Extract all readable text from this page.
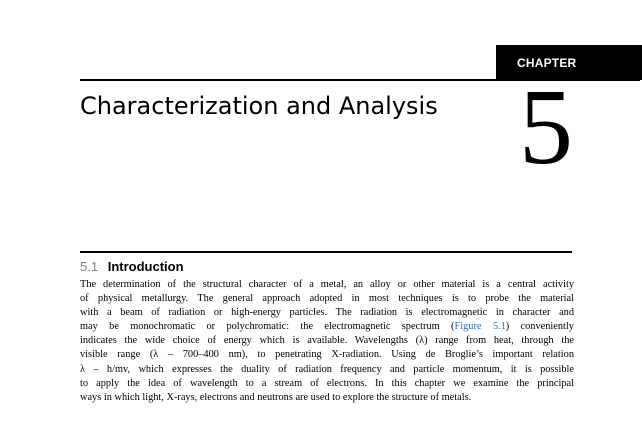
CHAPTER
Characterization and Analysis 5
5.1 Introduction
The determination of the structural character of a metal, an alloy or other material is a central activity
of physical metallurgy. The general approach adopted in most techniques is to probe the material
with a beam of radiation or high-energy particles. The radiation is electromagnetic in character and
may be monochromatic or polychromatic: the electromagnetic spectrum (Figure 5.1) conveniently
indicates the wide choice of energy which is available. Wavelengths (λ) range from heat, through the
visible range (λ – 700–400 nm), to penetrating X-radiation. Using de Broglie’s important relation
λ – h/mv, which expresses the duality of radiation frequency and particle momentum, it is possible
to apply the idea of wavelength to a stream of electrons. In this chapter we examine the principal
ways in which light, X-rays, electrons and neutrons are used to explore the structure of metals.
